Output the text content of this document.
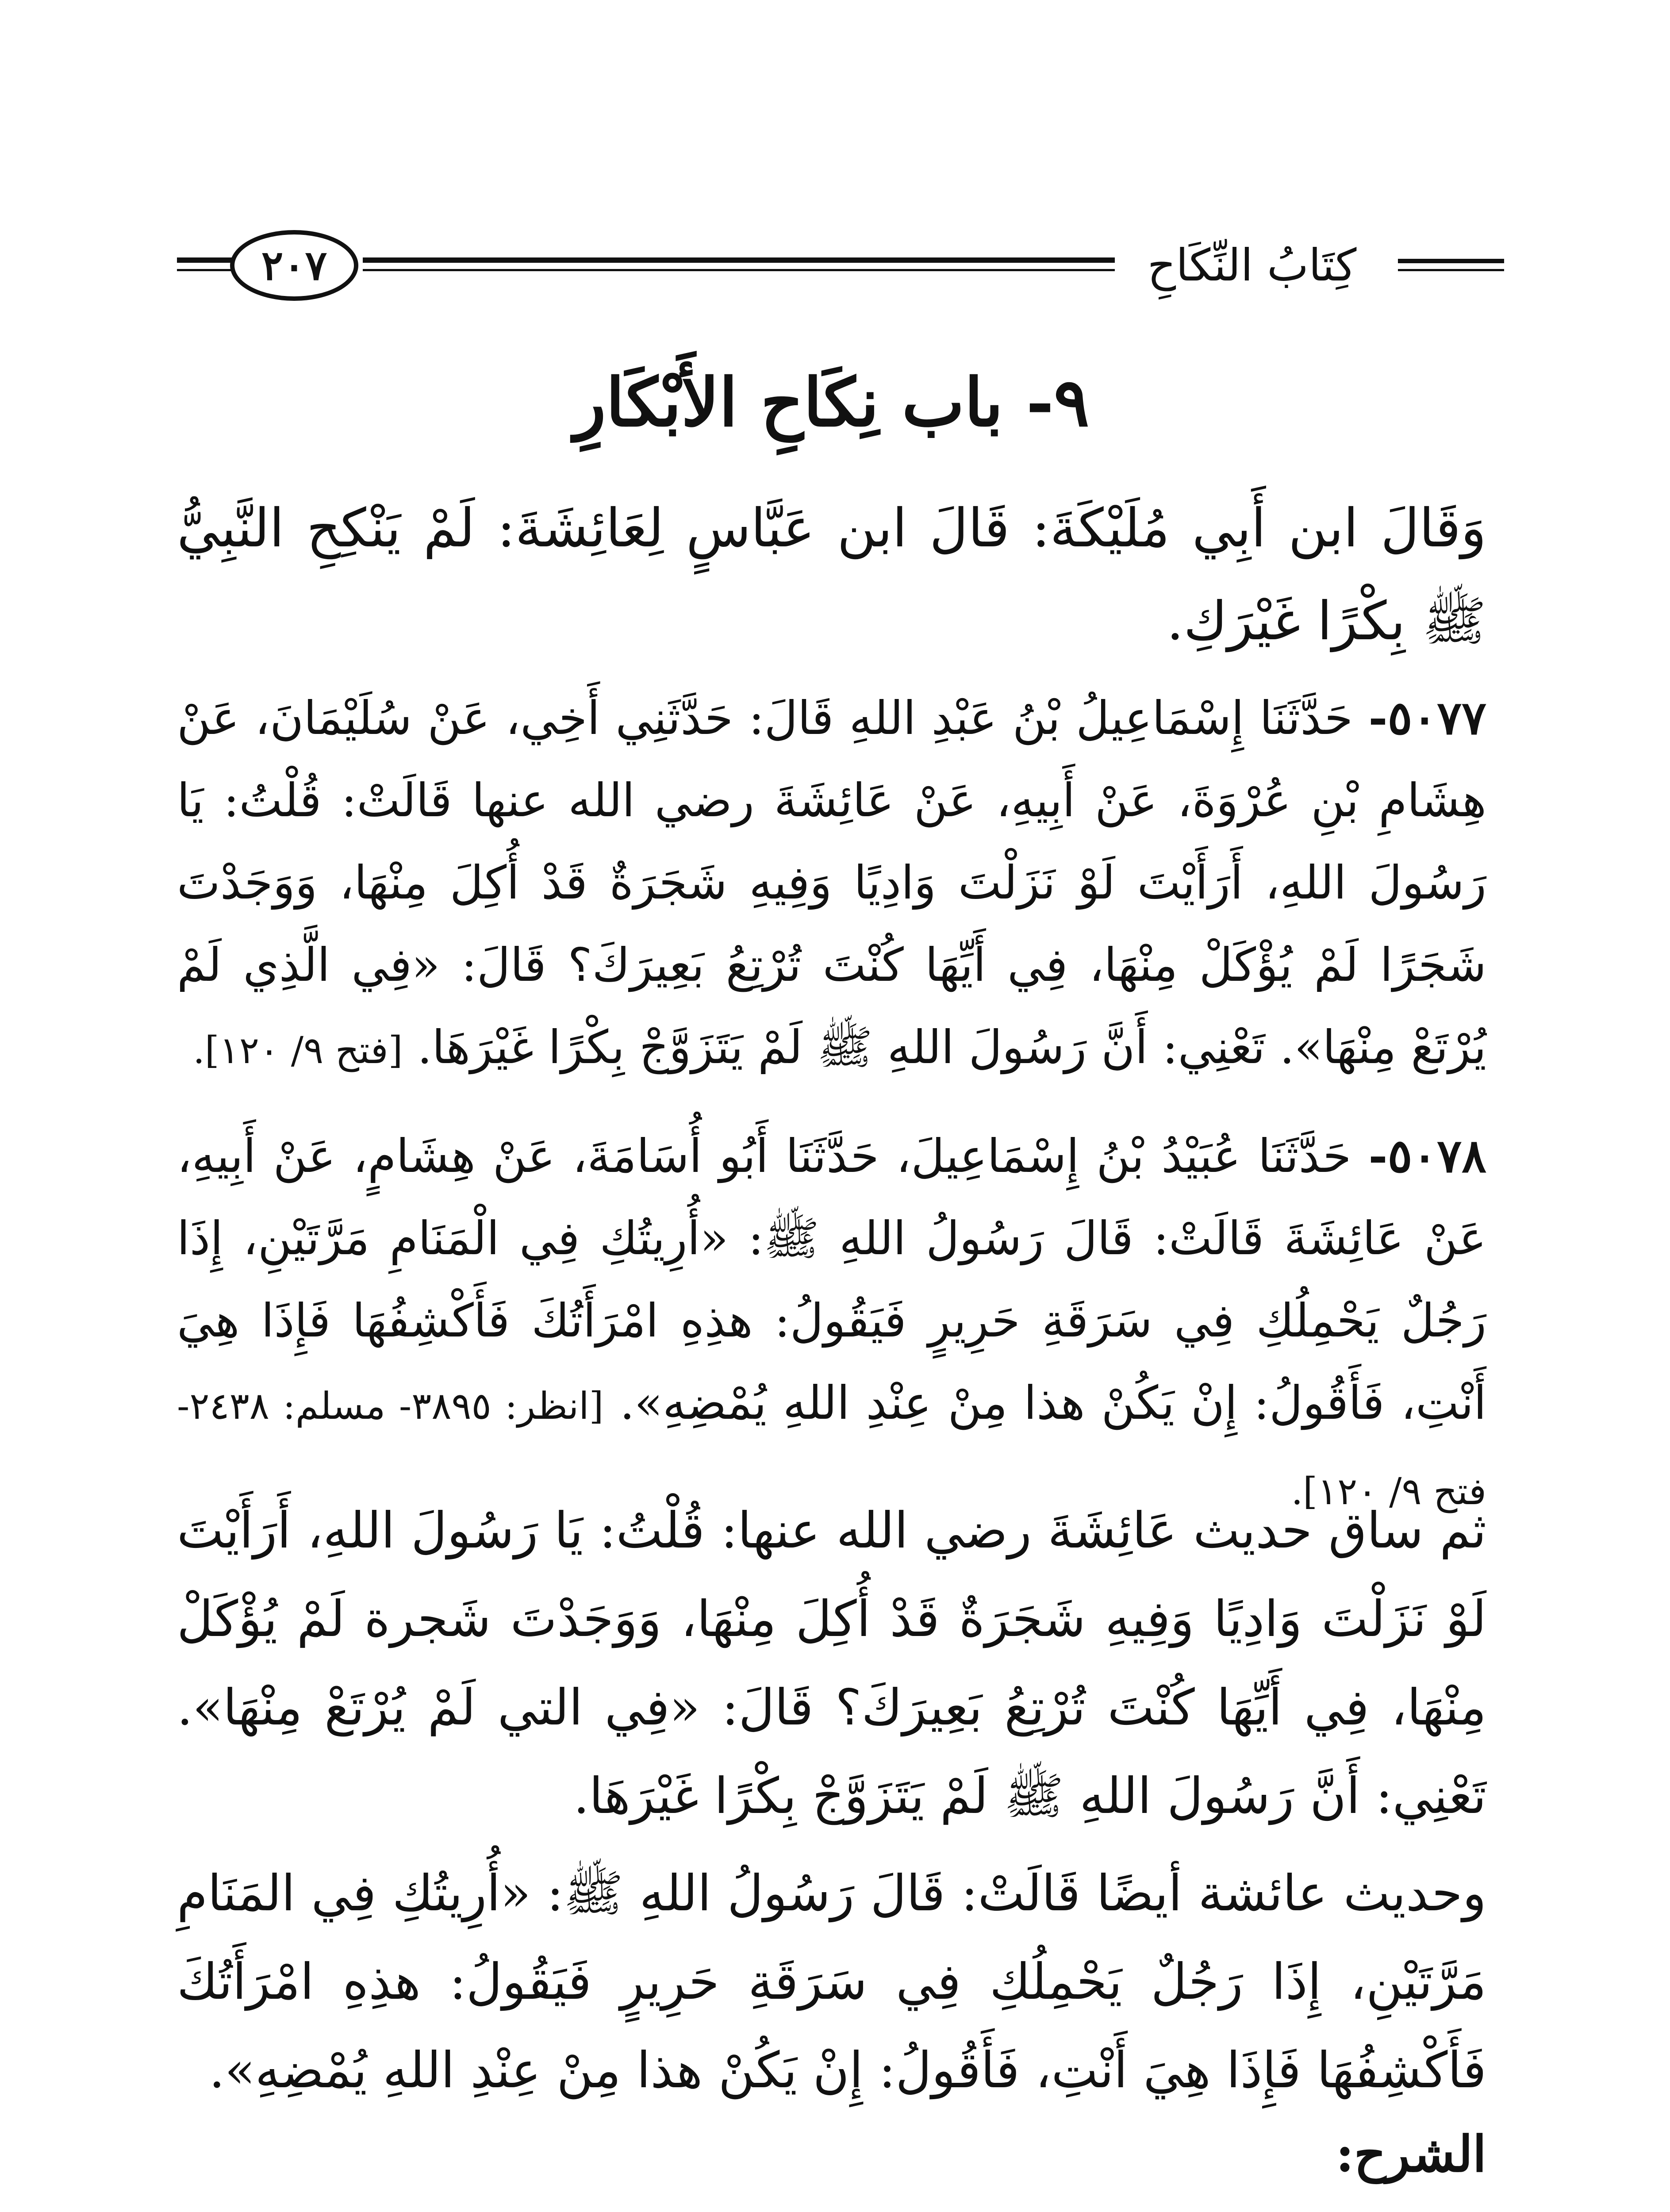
كِتَابُ النِّكَاحِ
٢٠٧
٩- باب نِكَاحِ الأَبْكَارِ
وَقَالَ ابن أَبِي مُلَيْكَةَ: قَالَ ابن عَبَّاسٍ لِعَائِشَةَ: لَمْ يَنْكِحِ النَّبِيُّ ﷺ بِكْرًا غَيْرَكِ.
٥٠٧٧- حَدَّثَنَا إِسْمَاعِيلُ بْنُ عَبْدِ اللهِ قَالَ: حَدَّثَنِي أَخِي، عَنْ سُلَيْمَانَ، عَنْ هِشَامِ بْنِ عُرْوَةَ، عَنْ أَبِيهِ، عَنْ عَائِشَةَ رضي الله عنها قَالَتْ: قُلْتُ: يَا رَسُولَ اللهِ، أَرَأَيْتَ لَوْ نَزَلْتَ وَادِيًا وَفِيهِ شَجَرَةٌ قَدْ أُكِلَ مِنْهَا، وَوَجَدْتَ شَجَرًا لَمْ يُؤْكَلْ مِنْهَا، فِي أَيِّهَا كُنْتَ تُرْتِعُ بَعِيرَكَ؟ قَالَ: «فِي الَّذِي لَمْ يُرْتَعْ مِنْهَا». تَعْنِي: أَنَّ رَسُولَ اللهِ ﷺ لَمْ يَتَزَوَّجْ بِكْرًا غَيْرَهَا. [فتح ٩/ ١٢٠].
٥٠٧٨- حَدَّثَنَا عُبَيْدُ بْنُ إِسْمَاعِيلَ، حَدَّثَنَا أَبُو أُسَامَةَ، عَنْ هِشَامٍ، عَنْ أَبِيهِ، عَنْ عَائِشَةَ قَالَتْ: قَالَ رَسُولُ اللهِ ﷺ: «أُرِيتُكِ فِي الْمَنَامِ مَرَّتَيْنِ، إِذَا رَجُلٌ يَحْمِلُكِ فِي سَرَقَةِ حَرِيرٍ فَيَقُولُ: هذِهِ امْرَأَتُكَ فَأَكْشِفُهَا فَإِذَا هِيَ أَنْتِ، فَأَقُولُ: إِنْ يَكُنْ هذا مِنْ عِنْدِ اللهِ يُمْضِهِ». [انظر: ٣٨٩٥- مسلم: ٢٤٣٨- فتح ٩/ ١٢٠].
ثم ساق حديث عَائِشَةَ رضي الله عنها: قُلْتُ: يَا رَسُولَ اللهِ، أَرَأَيْتَ لَوْ نَزَلْتَ وَادِيًا وَفِيهِ شَجَرَةٌ قَدْ أُكِلَ مِنْهَا، وَوَجَدْتَ شَجرة لَمْ يُؤْكَلْ مِنْهَا، فِي أَيِّهَا كُنْتَ تُرْتِعُ بَعِيرَكَ؟ قَالَ: «فِي التي لَمْ يُرْتَعْ مِنْهَا». تَعْنِي: أَنَّ رَسُولَ اللهِ ﷺ لَمْ يَتَزَوَّجْ بِكْرًا غَيْرَهَا.
وحديث عائشة أيضًا قَالَتْ: قَالَ رَسُولُ اللهِ ﷺ: «أُرِيتُكِ فِي المَنَامِ مَرَّتَيْنِ، إِذَا رَجُلٌ يَحْمِلُكِ فِي سَرَقَةِ حَرِيرٍ فَيَقُولُ: هذِهِ امْرَأَتُكَ فَأَكْشِفُهَا فَإِذَا هِيَ أَنْتِ، فَأَقُولُ: إِنْ يَكُنْ هذا مِنْ عِنْدِ اللهِ يُمْضِهِ».
الشرح:
